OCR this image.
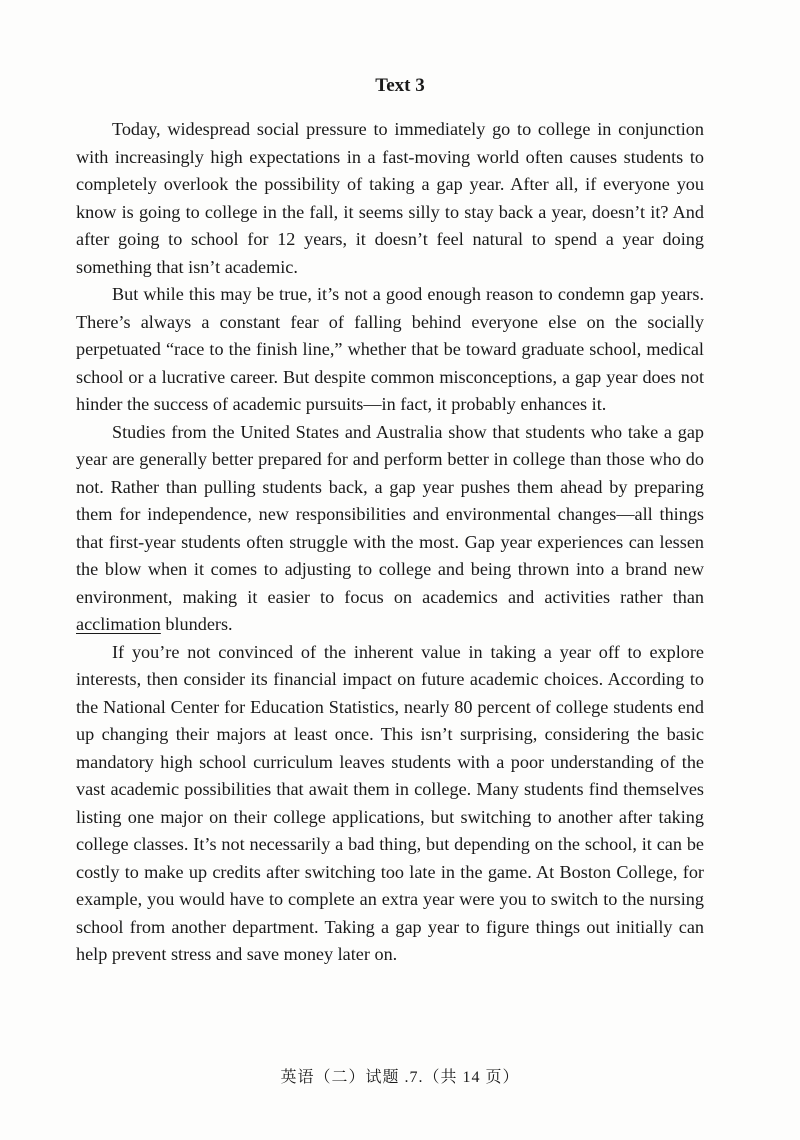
Text 3

Today, widespread social pressure to immediately go to college in conjunction with increasingly high expectations in a fast-moving world often causes students to completely overlook the possibility of taking a gap year. After all, if everyone you know is going to college in the fall, it seems silly to stay back a year, doesn’t it? And after going to school for 12 years, it doesn’t feel natural to spend a year doing something that isn’t academic.

But while this may be true, it’s not a good enough reason to condemn gap years. There’s always a constant fear of falling behind everyone else on the socially perpetuated “race to the finish line,” whether that be toward graduate school, medical school or a lucrative career. But despite common misconceptions, a gap year does not hinder the success of academic pursuits—in fact, it probably enhances it.

Studies from the United States and Australia show that students who take a gap year are generally better prepared for and perform better in college than those who do not. Rather than pulling students back, a gap year pushes them ahead by preparing them for independence, new responsibilities and environmental changes—all things that first-year students often struggle with the most. Gap year experiences can lessen the blow when it comes to adjusting to college and being thrown into a brand new environment, making it easier to focus on academics and activities rather than acclimation blunders.

If you’re not convinced of the inherent value in taking a year off to explore interests, then consider its financial impact on future academic choices. According to the National Center for Education Statistics, nearly 80 percent of college students end up changing their majors at least once. This isn’t surprising, considering the basic mandatory high school curriculum leaves students with a poor understanding of the vast academic possibilities that await them in college. Many students find themselves listing one major on their college applications, but switching to another after taking college classes. It’s not necessarily a bad thing, but depending on the school, it can be costly to make up credits after switching too late in the game. At Boston College, for example, you would have to complete an extra year were you to switch to the nursing school from another department. Taking a gap year to figure things out initially can help prevent stress and save money later on.

英语（二）试题 .7.（共 14 页）
